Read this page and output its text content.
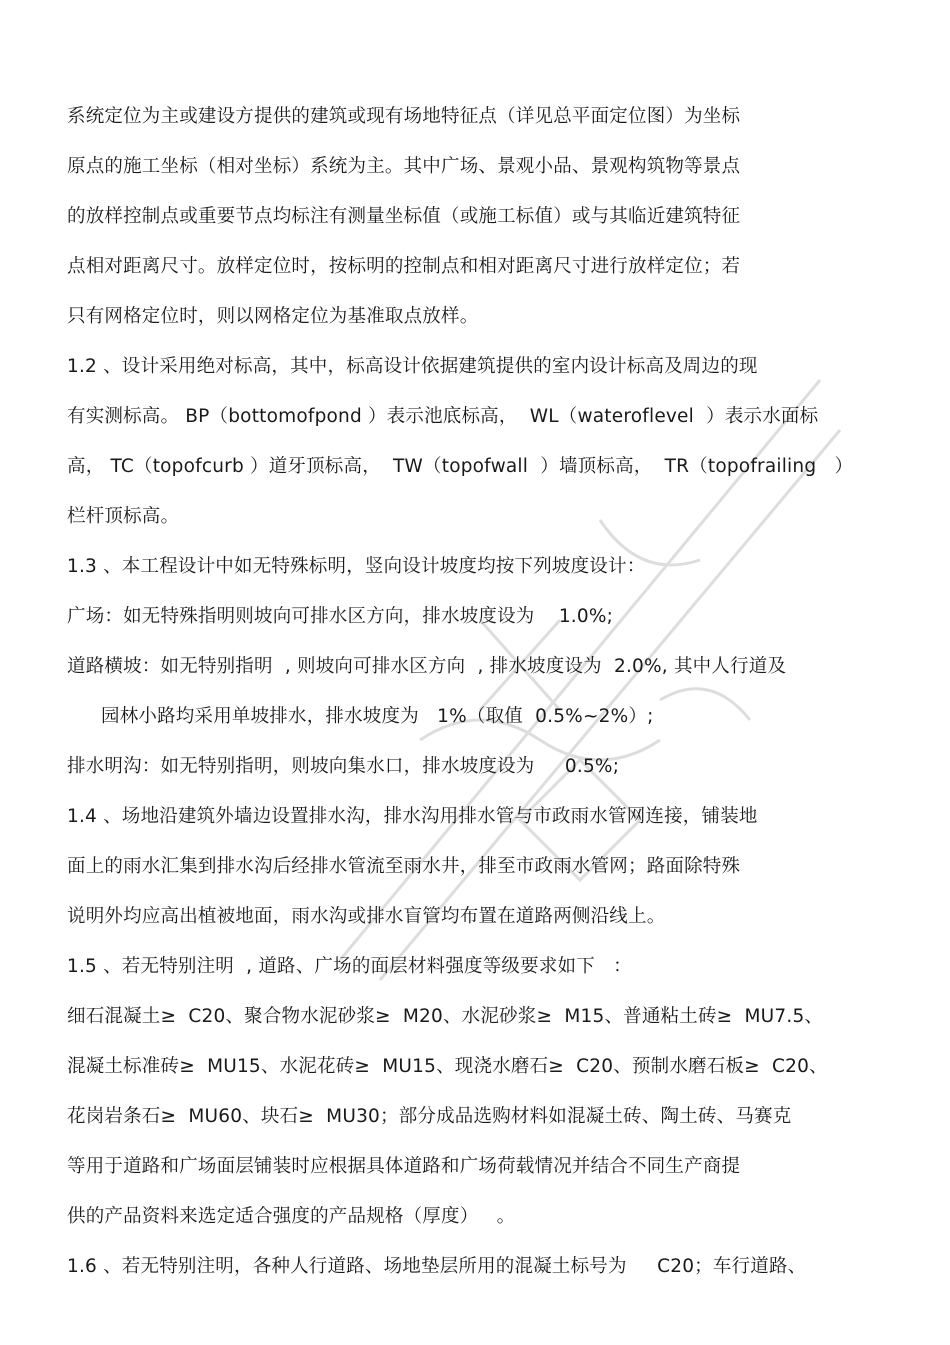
系统定位为主或建设方提供的建筑或现有场地特征点（详见总平面定位图）为坐标
原点的施工坐标（相对坐标）系统为主。其中广场、景观小品、景观构筑物等景点
的放样控制点或重要节点均标注有测量坐标值（或施工标值）或与其临近建筑特征
点相对距离尺寸。放样定位时，按标明的控制点和相对距离尺寸进行放样定位；若
只有网格定位时，则以网格定位为基准取点放样。
1.2 、设计采用绝对标高，其中，标高设计依据建筑提供的室内设计标高及周边的现
有实测标高。 BP（bottomofpond ）表示池底标高，  WL（wateroflevel  ）表示水面标
高， TC（topofcurb ）道牙顶标高，  TW（topofwall  ）墙顶标高，  TR（topofrailing   ）
栏杆顶标高。
1.3 、本工程设计中如无特殊标明，竖向设计坡度均按下列坡度设计：
广场：如无特殊指明则坡向可排水区方向，排水坡度设为    1.0%;
道路横坡：如无特别指明  , 则坡向可排水区方向  , 排水坡度设为  2.0%, 其中人行道及
园林小路均采用单坡排水，排水坡度为   1%（取值  0.5%~2%）;
排水明沟：如无特别指明，则坡向集水口，排水坡度设为     0.5%;
1.4 、场地沿建筑外墙边设置排水沟，排水沟用排水管与市政雨水管网连接，铺装地
面上的雨水汇集到排水沟后经排水管流至雨水井，排至市政雨水管网；路面除特殊
说明外均应高出植被地面，雨水沟或排水盲管均布置在道路两侧沿线上。
1.5 、若无特别注明  , 道路、广场的面层材料强度等级要求如下   ：
细石混凝土≥  C20、聚合物水泥砂浆≥  M20、水泥砂浆≥  M15、普通粘土砖≥  MU7.5、
混凝土标准砖≥  MU15、水泥花砖≥  MU15、现浇水磨石≥  C20、预制水磨石板≥  C20、
花岗岩条石≥  MU60、块石≥  MU30；部分成品选购材料如混凝土砖、陶土砖、马赛克
等用于道路和广场面层铺装时应根据具体道路和广场荷载情况并结合不同生产商提
供的产品资料来选定适合强度的产品规格（厚度）   。
1.6 、若无特别注明，各种人行道路、场地垫层所用的混凝土标号为     C20；车行道路、
